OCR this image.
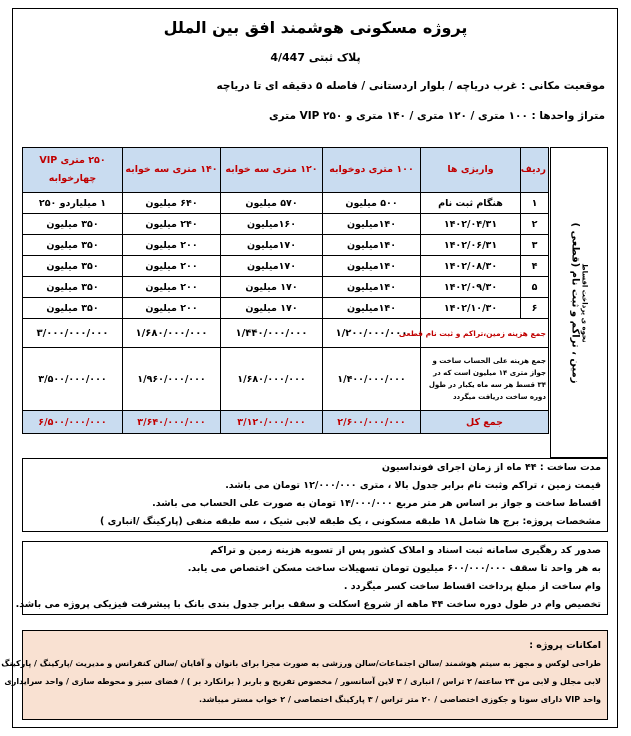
پروژه مسکونی هوشمند افق بین الملل
پلاک ثبتی 4/447
موقعیت مکانی : غرب دریاچه / بلوار اردستانی / فاصله ۵ دقیقه ای تا دریاچه
متراژ واحدها : ۱۰۰ متری / ۱۲۰ متری / ۱۴۰ متری و ۲۵۰ VIP متری
ردیف	واریزی ها	۱۰۰ متری دوخوابه	۱۲۰ متری سه خوابه	۱۴۰ متری سه خوابه	۲۵۰ متری VIP چهارخوابه
۱	هنگام ثبت نام	۵۰۰ میلیون	۵۷۰ میلیون	۶۴۰ میلیون	۱ میلیاردو ۲۵۰
۲	۱۴۰۲/۰۴/۳۱	۱۴۰میلیون	۱۶۰میلیون	۲۴۰ میلیون	۳۵۰ میلیون
۳	۱۴۰۲/۰۶/۳۱	۱۴۰میلیون	۱۷۰میلیون	۲۰۰ میلیون	۳۵۰ میلیون
۴	۱۴۰۲/۰۸/۳۰	۱۴۰میلیون	۱۷۰میلیون	۲۰۰ میلیون	۳۵۰ میلیون
۵	۱۴۰۲/۰۹/۳۰	۱۴۰میلیون	۱۷۰ میلیون	۲۰۰ میلیون	۳۵۰ میلیون
۶	۱۴۰۲/۱۰/۳۰	۱۴۰میلیون	۱۷۰ میلیون	۲۰۰ میلیون	۳۵۰ میلیون
جمع هزینه زمین،تراکم و ثبت نام قطعی		۱/۲۰۰/۰۰۰/۰۰۰	۱/۴۴۰/۰۰۰/۰۰۰	۱/۶۸۰/۰۰۰/۰۰۰	۳/۰۰۰/۰۰۰/۰۰۰
جمع هزینه علی الحساب ساخت و جواز متری ۱۴ میلیون است که در ۳۴ قسط هر سه ماه یکبار در طول دوره ساخت دریافت میگردد		۱/۴۰۰/۰۰۰/۰۰۰	۱/۶۸۰/۰۰۰/۰۰۰	۱/۹۶۰/۰۰۰/۰۰۰	۳/۵۰۰/۰۰۰/۰۰۰
جمع کل		۲/۶۰۰/۰۰۰/۰۰۰	۳/۱۲۰/۰۰۰/۰۰۰	۳/۶۴۰/۰۰۰/۰۰۰	۶/۵۰۰/۰۰۰/۰۰۰
نحوه ی پرداخت اقساط
زمین ، تراکم و ثبت نام (قطعی )

مدت ساخت : ۴۴ ماه از زمان اجرای فونداسیون

قیمت زمین ، تراکم وثبت نام برابر جدول بالا ، متری ۱۲/۰۰۰/۰۰۰ تومان می باشد.

اقساط ساخت و جواز بر اساس هر متر مربع ۱۴/۰۰۰/۰۰۰ تومان به صورت علی الحساب می باشد.

مشخصات پروژه: برج ها شامل ۱۸ طبقه مسکونی ، یک طبقه لابی شیک ، سه طبقه منفی (پارکینگ /انباری )

صدور کد رهگیری سامانه ثبت اسناد و املاک کشور پس از تسویه هزینه زمین و تراکم

به هر واحد تا سقف ۶۰۰/۰۰۰/۰۰۰ میلیون تومان تسهیلات ساخت مسکن اختصاص می یابد.

وام ساخت از مبلغ پرداخت اقساط ساخت کسر میگردد .

تخصیص وام در طول دوره ساخت ۴۴ ماهه از شروع اسکلت و سقف برابر جدول بندی بانک با پیشرفت فیزیکی پروژه می باشد.

امکانات پروژه :

طراحی لوکس و مجهز به سیتم هوشمند /سالن اجتماعات/سالن ورزشی به صورت مجزا برای بانوان و آقایان /سالن کنفرانس و مدیریت /پارکینگ / پارکینگ

لابی مجلل و لابی من ۲۴ ساعته/ ۲ تراس / انباری / ۳ لاین آسانسور / مخصوص تفریح و باربر ( برانکارد بر ) / فضای سبز و محوطه سازی / واحد سرایداری

واحد VIP دارای سونا و جکوزی اختصاصی / ۲۰ متر تراس / ۳ پارکینگ اختصاصی / ۲ خواب مستر میباشد.
